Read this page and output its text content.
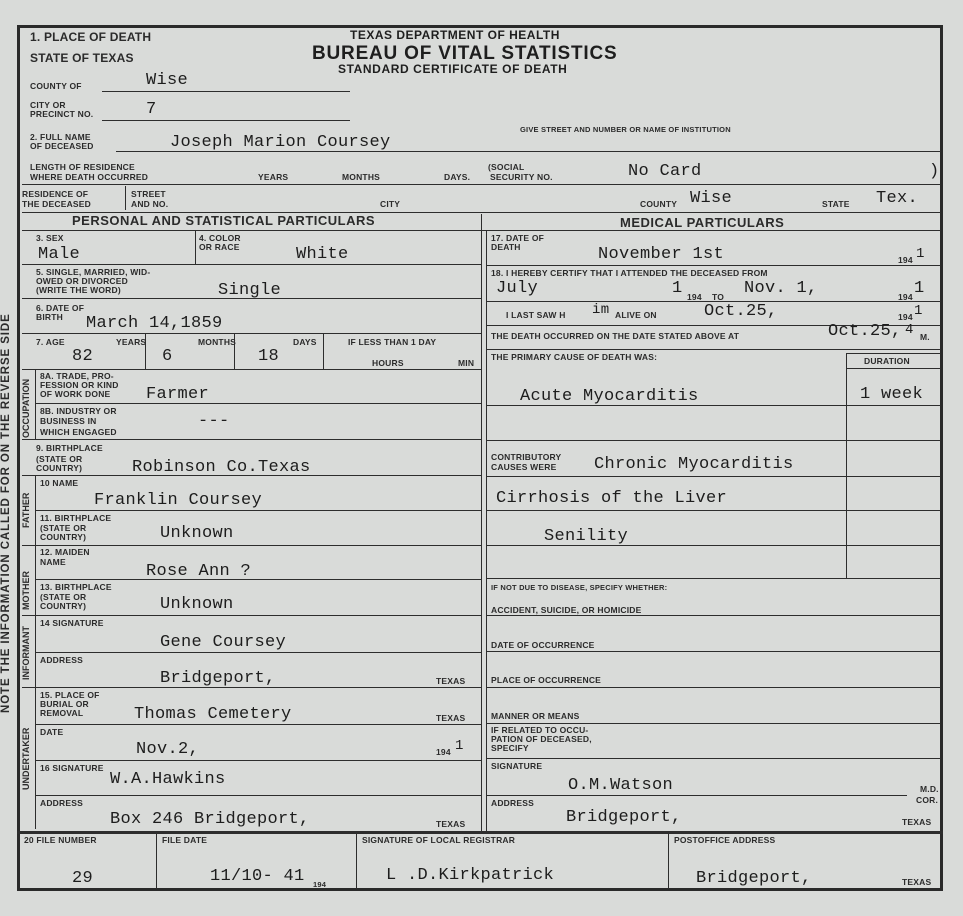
NOTE THE INFORMATION CALLED FOR ON THE REVERSE SIDE
1. PLACE OF DEATH
STATE OF TEXAS
TEXAS DEPARTMENT OF HEALTH
BUREAU OF VITAL STATISTICS
STANDARD CERTIFICATE OF DEATH
COUNTY OF	Wise
CITY OR
PRECINCT NO.	7
2. FULL NAME
OF DECEASED	Joseph Marion Coursey
GIVE STREET AND NUMBER OR NAME OF INSTITUTION
LENGTH OF RESIDENCE
WHERE DEATH OCCURRED	YEARS	MONTHS	DAYS.
(SOCIAL
SECURITY NO.	No Card	)
RESIDENCE OF
THE DECEASED
STREET
AND NO.	CITY	COUNTY Wise	STATE Tex.
PERSONAL AND STATISTICAL PARTICULARS	MEDICAL PARTICULARS
3. SEX
Male
4. COLOR
OR RACE	White
5. SINGLE, MARRIED, WID-
OWED OR DIVORCED
(WRITE THE WORD)	Single
6. DATE OF
BIRTH March 14,1859
7. AGE	YEARS
82
MONTHS
6
DAYS
18
IF LESS THAN 1 DAY
HOURS	MIN
OCCUPATION
8A. TRADE, PRO-
FESSION OR KIND
OF WORK DONE Farmer
8B. INDUSTRY OR
BUSINESS IN
WHICH ENGAGED
---
9. BIRTHPLACE
(STATE OR
COUNTRY)	Robinson Co.Texas
FATHER
10 NAME
Franklin Coursey
11. BIRTHPLACE
(STATE OR
COUNTRY)	Unknown
MOTHER
12. MAIDEN
NAME	Rose Ann ?
13. BIRTHPLACE
(STATE OR
COUNTRY)	Unknown
INFORMANT
14 SIGNATURE
Gene Coursey
ADDRESS
Bridgeport,	TEXAS
UNDERTAKER
15. PLACE OF
BURIAL OR
REMOVAL	Thomas Cemetery	TEXAS
DATE
Nov.2,	194 1
16 SIGNATURE
W.A.Hawkins
ADDRESS
Box 246 Bridgeport,	TEXAS
17. DATE OF
DEATH	November 1st	194 1
18. I HEREBY CERTIFY THAT I ATTENDED THE DECEASED FROM
July	1 194 TO Nov. 1,	194 1
I LAST SAW H im ALIVE ON	Oct.25,	194 1
THE DEATH OCCURRED ON THE DATE STATED ABOVE AT	Oct.25, 4 M.
THE PRIMARY CAUSE OF DEATH WAS:	DURATION
Acute Myocarditis	1 week
CONTRIBUTORY
CAUSES WERE Chronic Myocarditis
Cirrhosis of the Liver
Senility
IF NOT DUE TO DISEASE, SPECIFY WHETHER:
ACCIDENT, SUICIDE, OR HOMICIDE
DATE OF OCCURRENCE
PLACE OF OCCURRENCE
MANNER OR MEANS
IF RELATED TO OCCU-
PATION OF DECEASED,
SPECIFY
SIGNATURE
O.M.Watson	M.D.
COR.
ADDRESS
Bridgeport,	TEXAS
20 FILE NUMBER
29
FILE DATE
11/10- 41 194
SIGNATURE OF LOCAL REGISTRAR
L .D.Kirkpatrick
POSTOFFICE ADDRESS
Bridgeport,	TEXAS
